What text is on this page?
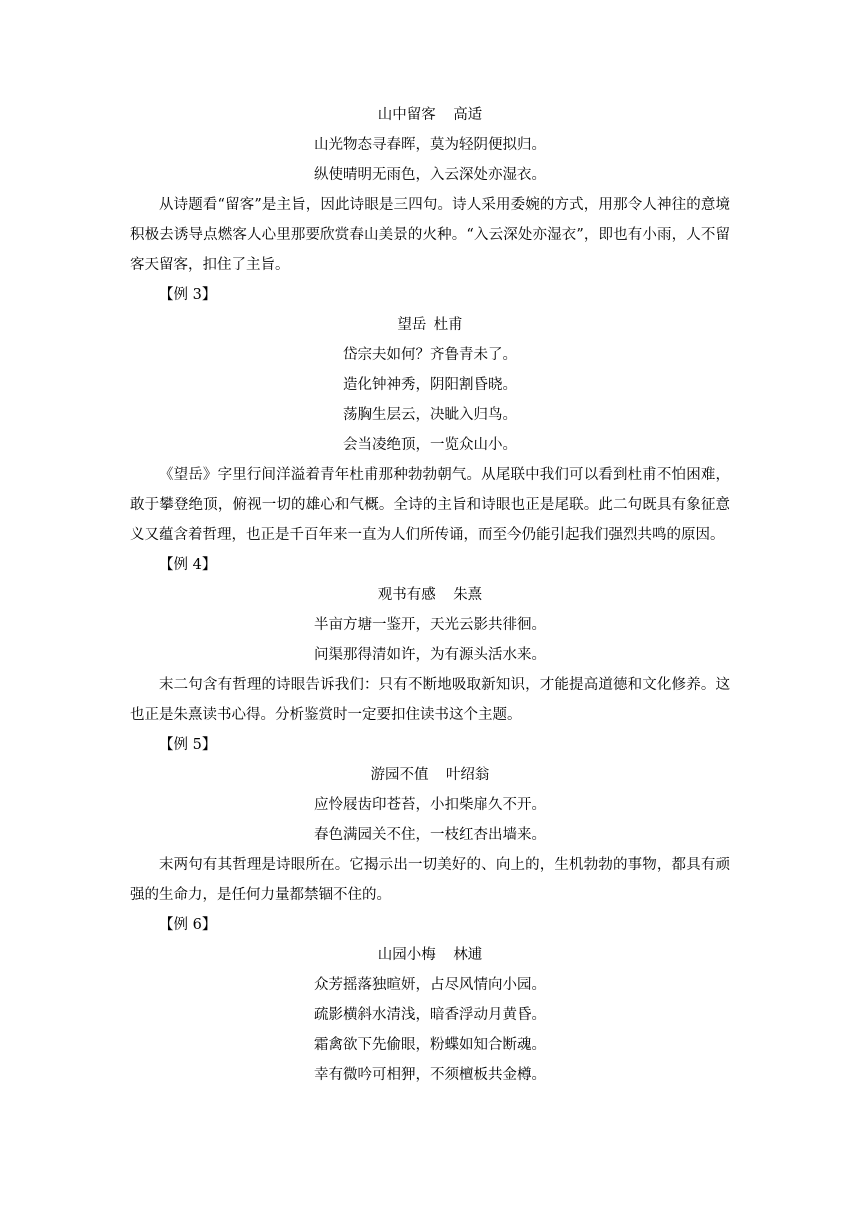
山中留客 高适
山光物态寻春晖，莫为轻阴便拟归。
纵使晴明无雨色，入云深处亦湿衣。

从诗题看“留客”是主旨，因此诗眼是三四句。诗人采用委婉的方式，用那令人神往的意境积极去诱导点燃客人心里那要欣赏春山美景的火种。“入云深处亦湿衣”，即也有小雨，人不留客天留客，扣住了主旨。

【例 3】
望岳 杜甫
岱宗夫如何？齐鲁青未了。
造化钟神秀，阴阳割昏晓。
荡胸生层云，决眦入归鸟。
会当凌绝顶，一览众山小。

《望岳》字里行间洋溢着青年杜甫那种勃勃朝气。从尾联中我们可以看到杜甫不怕困难，敢于攀登绝顶，俯视一切的雄心和气概。全诗的主旨和诗眼也正是尾联。此二句既具有象征意义又蕴含着哲理，也正是千百年来一直为人们所传诵，而至今仍能引起我们强烈共鸣的原因。

【例 4】
观书有感 朱熹
半亩方塘一鉴开，天光云影共徘徊。
问渠那得清如许，为有源头活水来。

末二句含有哲理的诗眼告诉我们：只有不断地吸取新知识，才能提高道德和文化修养。这也正是朱熹读书心得。分析鉴赏时一定要扣住读书这个主题。

【例 5】
游园不值 叶绍翁
应怜屐齿印苍苔，小扣柴扉久不开。
春色满园关不住，一枝红杏出墙来。

末两句有其哲理是诗眼所在。它揭示出一切美好的、向上的，生机勃勃的事物，都具有顽强的生命力，是任何力量都禁锢不住的。

【例 6】
山园小梅 林逋
众芳摇落独暄妍，占尽风情向小园。
疏影横斜水清浅，暗香浮动月黄昏。
霜禽欲下先偷眼，粉蝶如知合断魂。
幸有微吟可相狎，不须檀板共金樽。
